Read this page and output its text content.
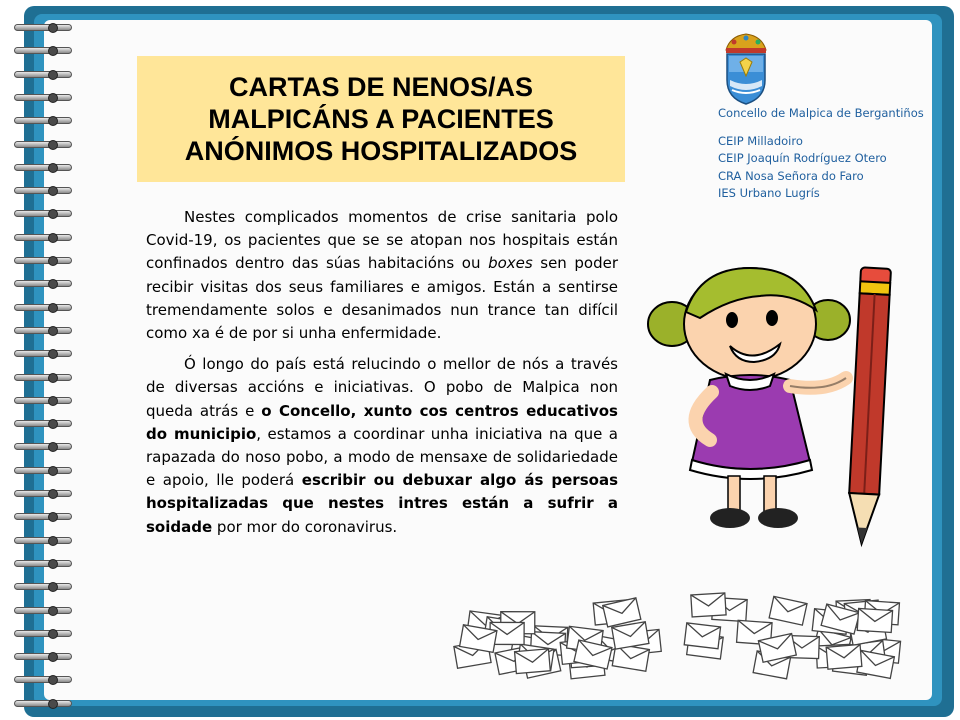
CARTAS DE NENOS/AS
MALPICÁNS A PACIENTES
ANÓNIMOS HOSPITALIZADOS

Nestes complicados momentos de crise sanitaria polo Covid-19, os pacientes que se se atopan nos hospitais están confinados dentro das súas habitacións ou boxes sen poder recibir visitas dos seus familiares e amigos. Están a sentirse tremendamente solos e desanimados nun trance tan difícil como xa é de por si unha enfermidade.

Ó longo do país está relucindo o mellor de nós a través de diversas accións e iniciativas. O pobo de Malpica non queda atrás e o Concello, xunto cos centros educativos do municipio, estamos a coordinar unha iniciativa na que a rapazada do noso pobo, a modo de mensaxe de solidariedade e apoio, lle poderá escribir ou debuxar algo ás persoas hospitalizadas que nestes intres están a sufrir a soidade por mor do coronavirus.

Concello de Malpica de Bergantiños
CEIP Milladoiro
CEIP Joaquín Rodríguez Otero
CRA Nosa Señora do Faro
IES Urbano Lugrís
